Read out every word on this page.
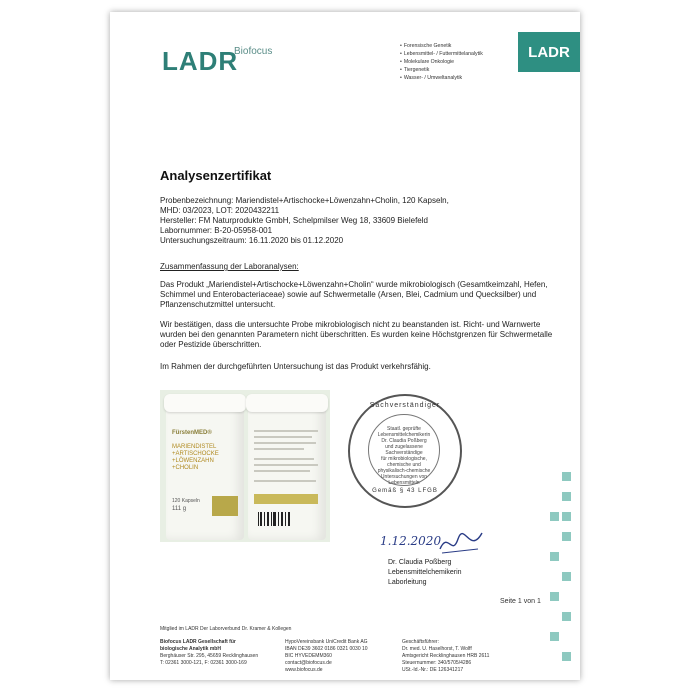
LADR
Biofocus
•	Forensische Genetik
• Lebensmittel- / Futtermittelanalytik
• Molekulare Onkologie
• Tiergenetik
• Wasser- / Umweltanalytik
LADR
Analysenzertifikat
Probenbezeichnung: Mariendistel+Artischocke+Löwenzahn+Cholin, 120 Kapseln,
MHD: 03/2023, LOT: 2020432211
Hersteller: FM Naturprodukte GmbH, Schelpmilser Weg 18, 33609 Bielefeld
Labornummer: B-20-05958-001
Untersuchungszeitraum: 16.11.2020 bis 01.12.2020
Zusammenfassung der Laboranalysen:
Das Produkt „Mariendistel+Artischocke+Löwenzahn+Cholin“ wurde mikrobiologisch (Gesamtkeimzahl, Hefen, Schimmel und Enterobacteriaceae) sowie auf Schwermetalle (Arsen, Blei, Cadmium und Quecksilber) und Pflanzenschutzmittel untersucht.
Wir bestätigen, dass die untersuchte Probe mikrobiologisch nicht zu beanstanden ist. Richt- und Warnwerte wurden bei den genannten Parametern nicht überschritten. Es wurden keine Höchstgrenzen für Schwermetalle oder Pestizide überschritten.
Im Rahmen der durchgeführten Untersuchung ist das Produkt verkehrsfähig.
FürstenMED®
MARIENDISTEL +ARTISCHOCKE +LÖWENZAHN +CHOLIN
120 Kapseln
111 g
Sachverständiger
Staatl. geprüfte
Lebensmittelchemikerin
Dr. Claudia Poßberg
und zugelassene Sachverständige
für mikrobiologische, chemische und
physikalisch-chemische
Untersuchungen von Lebensmitteln
Gemäß § 43 LFGB
1.12.2020
Dr. Claudia Poßberg
Lebensmittelchemikerin
Laborleitung
Seite 1 von 1
Mitglied im LADR Der Laborverbund Dr. Kramer & Kollegen
Biofocus LADR Gesellschaft für
biologische Analytik mbH
Berghäuser Str. 295, 45659 Recklinghausen
T: 02361 3000-121, F: 02361 3000-169
HypoVereinsbank UniCredit Bank AG
IBAN DE39 3602 0186 0321 0030 10
BIC HYVEDEMM360
contact@biofocus.de
www.biofocus.de
Geschäftsführer:
Dr. med. U. Haselhorst, T. Wolff
Amtsgericht Recklinghausen HRB 2611
Steuernummer: 340/5705/4286
USt.-Id.-Nr.: DE 126341217
